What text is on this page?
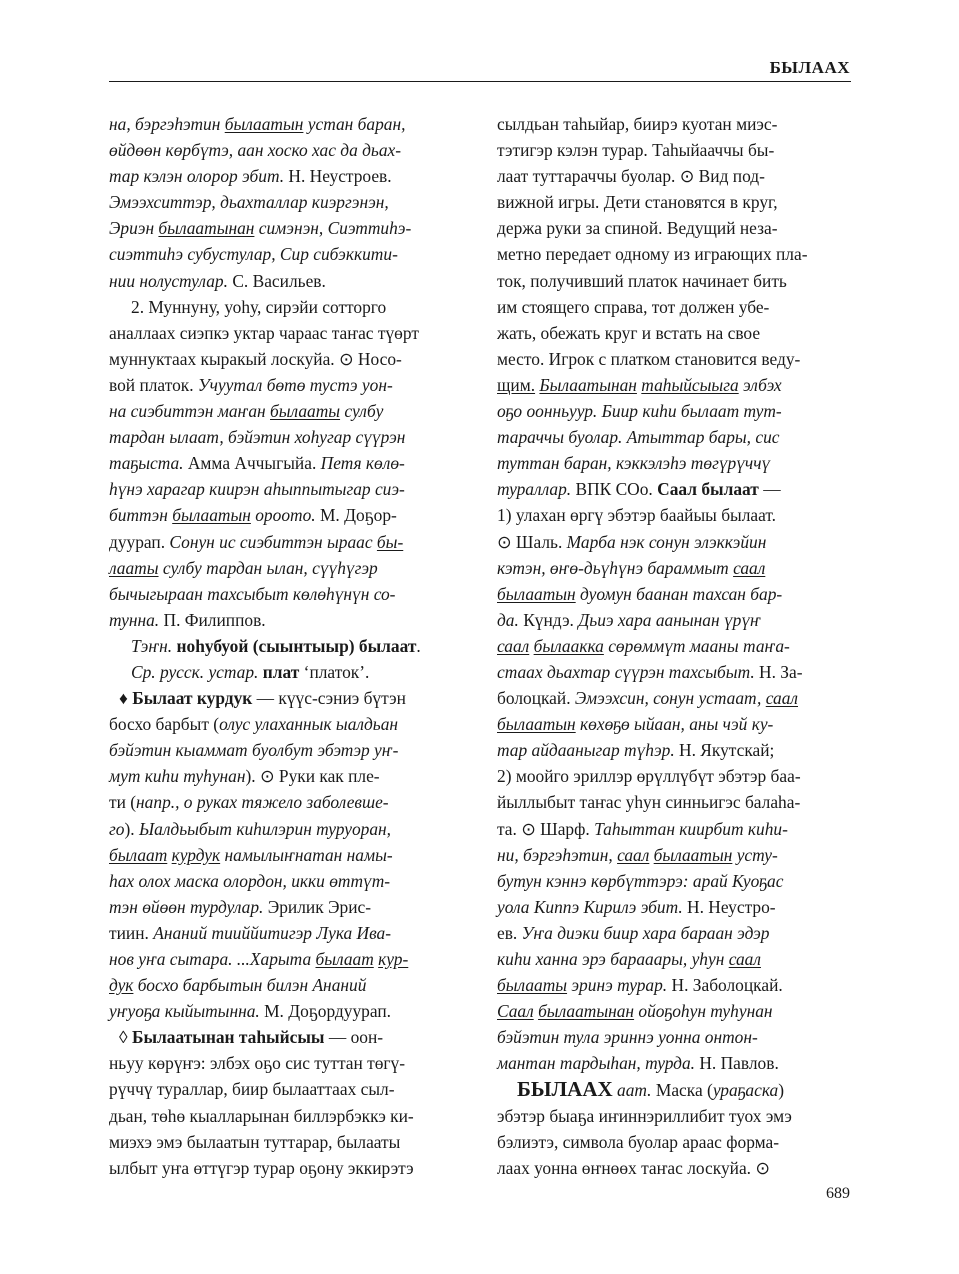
БЫЛААХ
на, бэргэһэтин былаатын устан баран,
өйдөөн көрбүтэ, аан хоско хас да дьах-
тар кэлэн олорор эбит. Н. Неустроев.
Эмээхситтэр, дьахталлар киэргэнэн,
Эриэн былаатынан симэнэн, Сиэттиһэ-
сиэттиһэ субустулар, Сир сибэккити-
нии нолустулар. С. Васильев.
2. Муннуну, уоһу, сирэйи сотторго
аналлаах сиэпкэ уктар чараас таҥас түөрт
муннуктаах кыракый лоскуйа. ⊙ Носо-
вой платок. Учуутал бөтө тустэ уон-
на сиэбиттэн маҥан былааты сулбу
тардан ылаат, бэйэтин хоһугар сүүрэн
таҕыста. Амма Аччыгыйа. Петя көлө-
һүнэ харагар киирэн аһыппытыгар сиэ-
биттэн былаатын ороото. М. Доҕор-
дуурап. Сонун ис сиэбиттэн ыраас бы-
лааты сулбу тардан ылан, сүүһүгэр
бычыгыраан тахсыбыт көлөһүнүн со-
тунна. П. Филиппов.
Тэҥн. ноһубуой (сыынтыыр) былаат.
Ср. русск. устар. плат ‘платок’.
♦ Былаат курдук — күүс-сэниэ бүтэн
босхо барбыт (олус улаханнык ыалдьан
бэйэтин кыаммат буолбут эбэтэр уҥ-
мут киһи туһунан). ⊙ Руки как пле-
ти (напр., о руках тяжело заболевше-
го). Ыалдьыбыт киһилэрин туруоран,
былаат курдук намылыҥнатан намы-
һах олох маска олордон, икки өттүт-
тэн өйөөн турдулар. Эрилик Эрис-
тиин. Ананий тииййитигэр Лука Ива-
нов уҥа сытара. ...Харыта былаат кур-
дук босхо барбытын билэн Ананий
уҥуоҕа кыйытынна. М. Доҕордуурап.
◊ Былаатынан таһыйсыы — оон-
ньуу көрүҥэ: элбэх оҕо сис туттан төгү-
рүччү тураллар, биир былааттаах сыл-
дьан, төһө кыалларынан биллэрбэккэ ки-
миэхэ эмэ былаатын туттарар, былааты
ылбыт уҥа өттүгэр турар оҕону эккирэтэ
сылдьан таһыйар, биирэ куотан миэс-
тэтигэр кэлэн турар. Таһыйааччы бы-
лаат туттараччы буолар. ⊙ Вид под-
вижной игры. Дети становятся в круг,
держа руки за спиной. Ведущий неза-
метно передает одному из играющих пла-
ток, получивший платок начинает бить
им стоящего справа, тот должен убе-
жать, обежать круг и встать на свое
место. Игрок с платком становится веду-
щим. Былаатынан таһыйсыыга элбэх
оҕо оонньуур. Биир киһи былаат тут-
тараччы буолар. Атыттар бары, сис
туттан баран, кэккэлэһэ төгүрүччү
тураллар. ВПК СОо. Саал былаат —
1) улахан өргү эбэтэр баайыы былаат.
⊙ Шаль. Марба нэк сонун элэккэйин
кэтэн, өҥө-дьүһүнэ бараммыт саал
былаатын дуомун баанан тахсан бар-
да. Күндэ. Дьиэ хара аанынан үрүҥ
саал былаакка сөрөммүт мааны таҥа-
стаах дьахтар сүүрэн тахсыбыт. Н. За-
болоцкай. Эмээхсин, сонун устаат, саал
былаатын көхөҕө ыйаан, аны чэй ку-
тар айдааныгар түһэр. Н. Якутскай;
2) моойго эриллэр өрүллүбүт эбэтэр баа-
йыллыбыт таҥас уһун синньигэс балаһа-
та. ⊙ Шарф. Таһыттан киирбит киһи-
ни, бэргэһэтин, саал былаатын усту-
бутун кэннэ көрбүттэрэ: арай Куоҕас
уола Киппэ Кирилэ эбит. Н. Неустро-
ев. Уҥа диэки биир хара бараан эдэр
киһи ханна эрэ барааары, уһун саал
былааты эринэ турар. Н. Заболоцкай.
Саал былаатынан ойоҕоһун туһунан
бэйэтин тула эриннэ уонна онтон-
мантан тардыһан, турда. Н. Павлов.
БЫЛААХ аат. Маска (ураҕаска)
эбэтэр быаҕа иҥиннэриллибит туох эмэ
бэлиэтэ, символа буолар араас форма-
лаах уонна өҥнөөх таҥас лоскуйа. ⊙
689
